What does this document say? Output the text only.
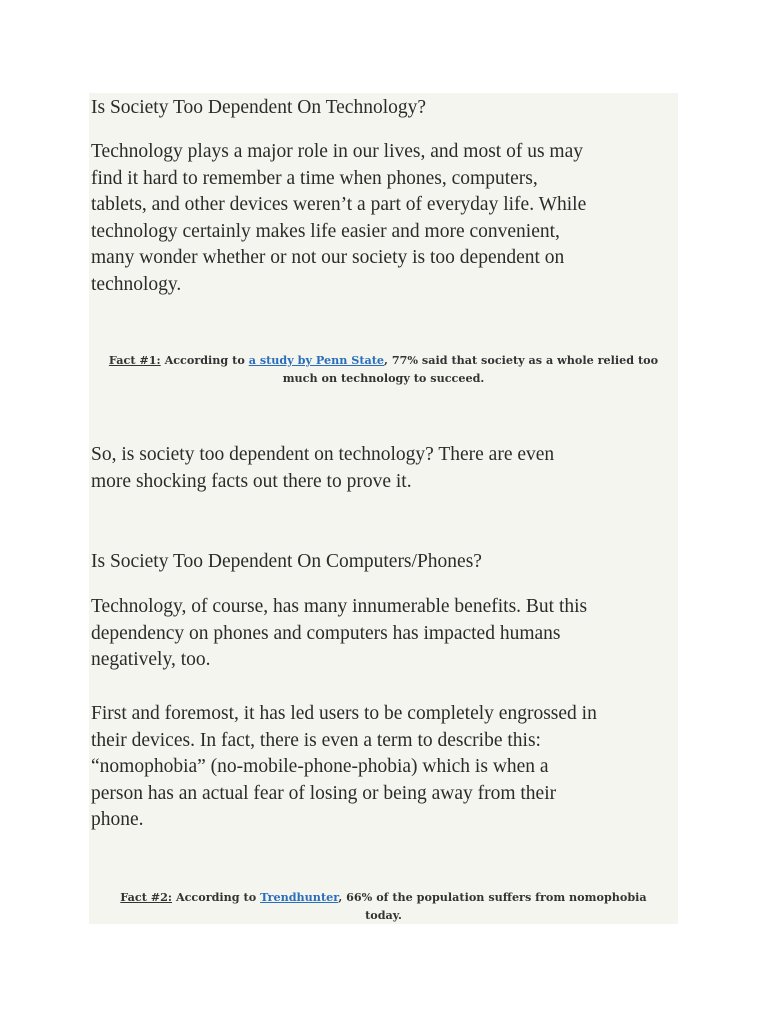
Is Society Too Dependent On Technology?
Technology plays a major role in our lives, and most of us may
find it hard to remember a time when phones, computers,
tablets, and other devices weren’t a part of everyday life. While
technology certainly makes life easier and more convenient,
many wonder whether or not our society is too dependent on
technology.
Fact #1: According to a study by Penn State, 77% said that society as a whole relied too
much on technology to succeed.
So, is society too dependent on technology? There are even
more shocking facts out there to prove it.
Is Society Too Dependent On Computers/Phones?
Technology, of course, has many innumerable benefits. But this
dependency on phones and computers has impacted humans
negatively, too.
First and foremost, it has led users to be completely engrossed in
their devices. In fact, there is even a term to describe this:
“nomophobia” (no-mobile-phone-phobia) which is when a
person has an actual fear of losing or being away from their
phone.
Fact #2: According to Trendhunter, 66% of the population suffers from nomophobia
today.
